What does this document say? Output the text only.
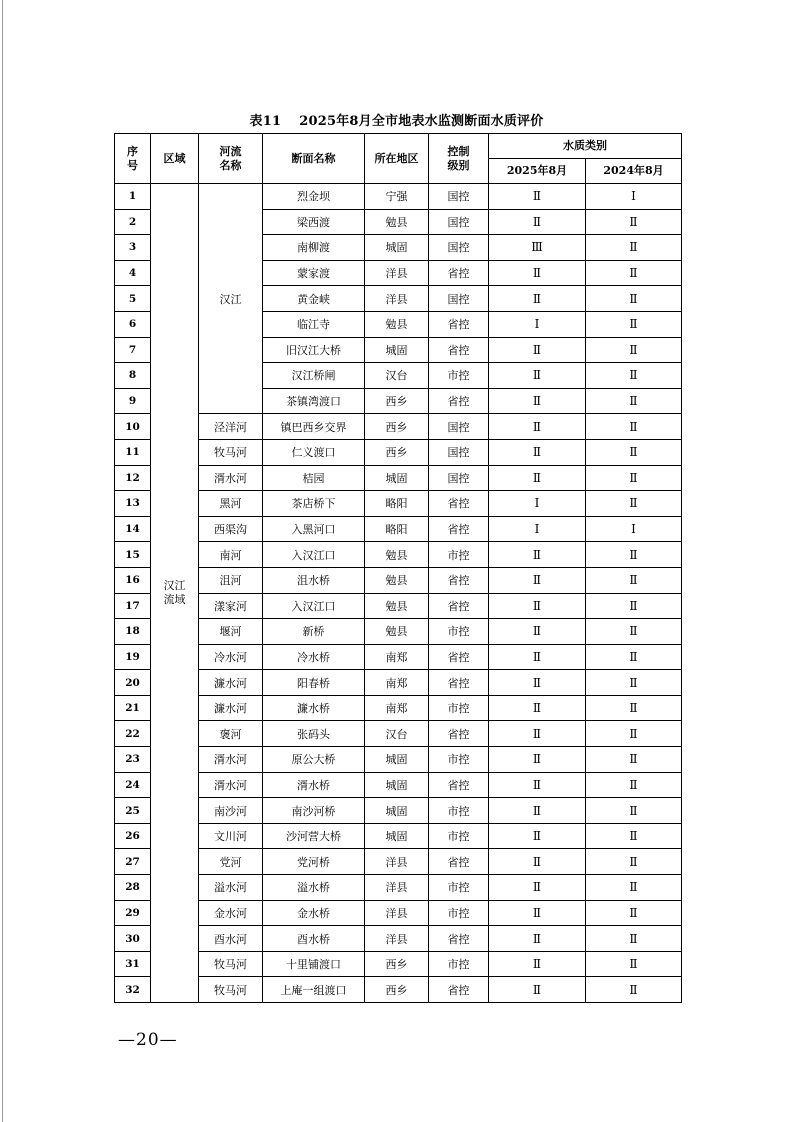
表11 2025年8月全市地表水监测断面水质评价
序号	区域	河流名称	断面名称	所在地区	控制级别	水质类别	
						2025年8月	2024年8月
1	汉江流域	汉江	烈金坝	宁强	国控	Ⅱ	Ⅰ
2			梁西渡	勉县	国控	Ⅱ	Ⅱ
3			南柳渡	城固	国控	Ⅲ	Ⅱ
4			蒙家渡	洋县	省控	Ⅱ	Ⅱ
5			黄金峡	洋县	国控	Ⅱ	Ⅱ
6			临江寺	勉县	省控	Ⅰ	Ⅱ
7			旧汉江大桥	城固	省控	Ⅱ	Ⅱ
8			汉江桥闸	汉台	市控	Ⅱ	Ⅱ
9			茶镇湾渡口	西乡	省控	Ⅱ	Ⅱ
10		泾洋河	镇巴西乡交界	西乡	国控	Ⅱ	Ⅱ
11		牧马河	仁义渡口	西乡	国控	Ⅱ	Ⅱ
12		湑水河	桔园	城固	国控	Ⅱ	Ⅱ
13		黑河	茶店桥下	略阳	省控	Ⅰ	Ⅱ
14		西渠沟	入黑河口	略阳	省控	Ⅰ	Ⅰ
15		南河	入汉江口	勉县	市控	Ⅱ	Ⅱ
16		沮河	沮水桥	勉县	省控	Ⅱ	Ⅱ
17		漾家河	入汉江口	勉县	省控	Ⅱ	Ⅱ
18		堰河	新桥	勉县	市控	Ⅱ	Ⅱ
19		冷水河	冷水桥	南郑	省控	Ⅱ	Ⅱ
20		濂水河	阳春桥	南郑	省控	Ⅱ	Ⅱ
21		濂水河	濂水桥	南郑	市控	Ⅱ	Ⅱ
22		褒河	张码头	汉台	省控	Ⅱ	Ⅱ
23		湑水河	原公大桥	城固	市控	Ⅱ	Ⅱ
24		湑水河	湑水桥	城固	省控	Ⅱ	Ⅱ
25		南沙河	南沙河桥	城固	市控	Ⅱ	Ⅱ
26		文川河	沙河营大桥	城固	市控	Ⅱ	Ⅱ
27		党河	党河桥	洋县	省控	Ⅱ	Ⅱ
28		溢水河	溢水桥	洋县	市控	Ⅱ	Ⅱ
29		金水河	金水桥	洋县	市控	Ⅱ	Ⅱ
30		酉水河	酉水桥	洋县	省控	Ⅱ	Ⅱ
31		牧马河	十里铺渡口	西乡	市控	Ⅱ	Ⅱ
32		牧马河	上庵一组渡口	西乡	省控	Ⅱ	Ⅱ
—20—
